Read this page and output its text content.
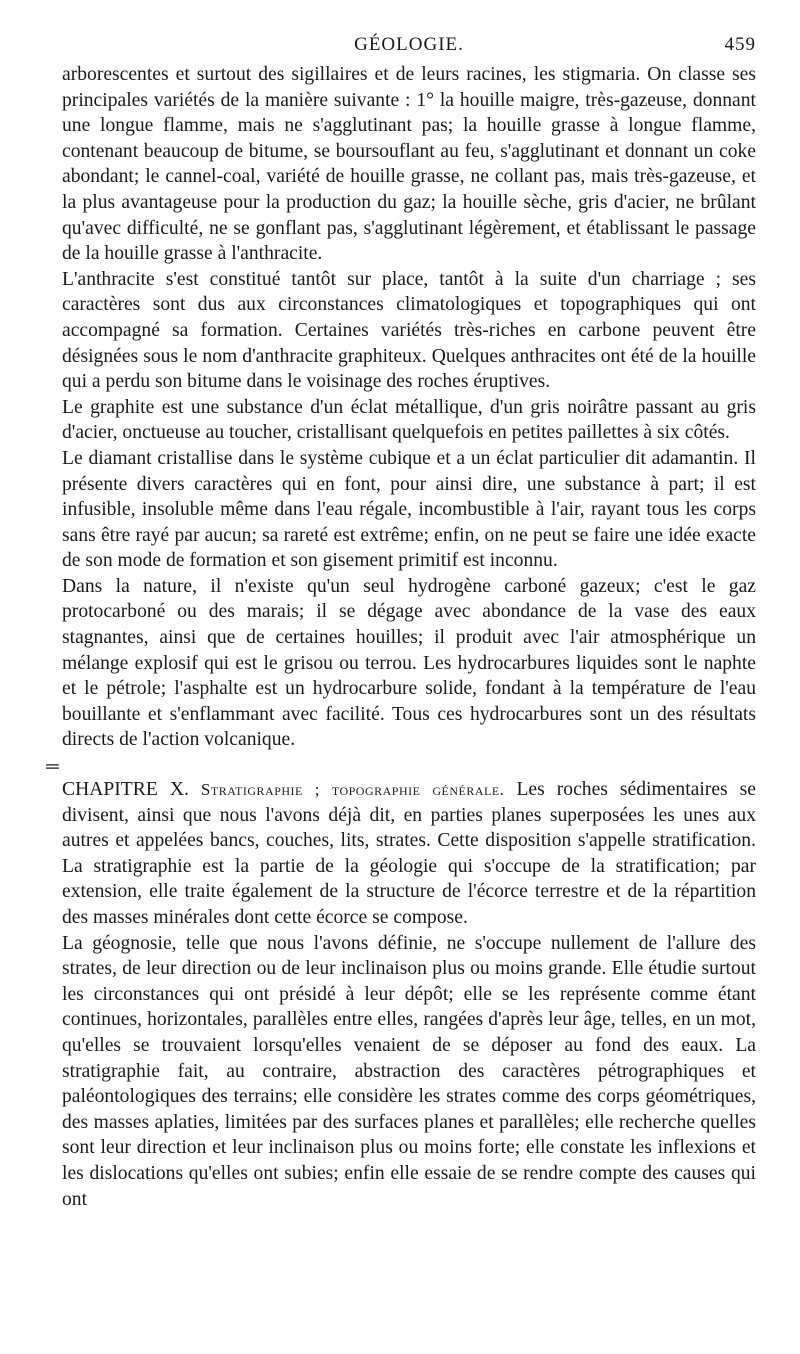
GÉOLOGIE.	459

arborescentes et surtout des sigillaires et de leurs racines, les stigmaria. On classe ses principales variétés de la manière suivante : 1° la houille maigre, très-gazeuse, donnant une longue flamme, mais ne s'agglutinant pas; la houille grasse à longue flamme, contenant beaucoup de bitume, se boursouflant au feu, s'agglutinant et donnant un coke abondant; le cannel-coal, variété de houille grasse, ne collant pas, mais très-gazeuse, et la plus avantageuse pour la production du gaz; la houille sèche, gris d'acier, ne brûlant qu'avec difficulté, ne se gonflant pas, s'agglutinant légèrement, et établissant le passage de la houille grasse à l'anthracite.

L'anthracite s'est constitué tantôt sur place, tantôt à la suite d'un charriage ; ses caractères sont dus aux circonstances climatologiques et topographiques qui ont accompagné sa formation. Certaines variétés très-riches en carbone peuvent être désignées sous le nom d'anthracite graphiteux. Quelques anthracites ont été de la houille qui a perdu son bitume dans le voisinage des roches éruptives.

Le graphite est une substance d'un éclat métallique, d'un gris noirâtre passant au gris d'acier, onctueuse au toucher, cristallisant quelquefois en petites paillettes à six côtés.

Le diamant cristallise dans le système cubique et a un éclat particulier dit adamantin. Il présente divers caractères qui en font, pour ainsi dire, une substance à part; il est infusible, insoluble même dans l'eau régale, incombustible à l'air, rayant tous les corps sans être rayé par aucun; sa rareté est extrême; enfin, on ne peut se faire une idée exacte de son mode de formation et son gisement primitif est inconnu.

Dans la nature, il n'existe qu'un seul hydrogène carboné gazeux; c'est le gaz protocarboné ou des marais; il se dégage avec abondance de la vase des eaux stagnantes, ainsi que de certaines houilles; il produit avec l'air atmosphérique un mélange explosif qui est le grisou ou terrou. Les hydrocarbures liquides sont le naphte et le pétrole; l'asphalte est un hydrocarbure solide, fondant à la température de l'eau bouillante et s'enflammant avec facilité. Tous ces hydrocarbures sont un des résultats directs de l'action volcanique.

═

CHAPITRE X. Stratigraphie ; topographie générale. Les roches sédimentaires se divisent, ainsi que nous l'avons déjà dit, en parties planes superposées les unes aux autres et appelées bancs, couches, lits, strates. Cette disposition s'appelle stratification. La stratigraphie est la partie de la géologie qui s'occupe de la stratification; par extension, elle traite également de la structure de l'écorce terrestre et de la répartition des masses minérales dont cette écorce se compose.

La géognosie, telle que nous l'avons définie, ne s'occupe nullement de l'allure des strates, de leur direction ou de leur inclinaison plus ou moins grande. Elle étudie surtout les circonstances qui ont présidé à leur dépôt; elle se les représente comme étant continues, horizontales, parallèles entre elles, rangées d'après leur âge, telles, en un mot, qu'elles se trouvaient lorsqu'elles venaient de se déposer au fond des eaux. La stratigraphie fait, au contraire, abstraction des caractères pétrographiques et paléontologiques des terrains; elle considère les strates comme des corps géométriques, des masses aplaties, limitées par des surfaces planes et parallèles; elle recherche quelles sont leur direction et leur inclinaison plus ou moins forte; elle constate les inflexions et les dislocations qu'elles ont subies; enfin elle essaie de se rendre compte des causes qui ont
